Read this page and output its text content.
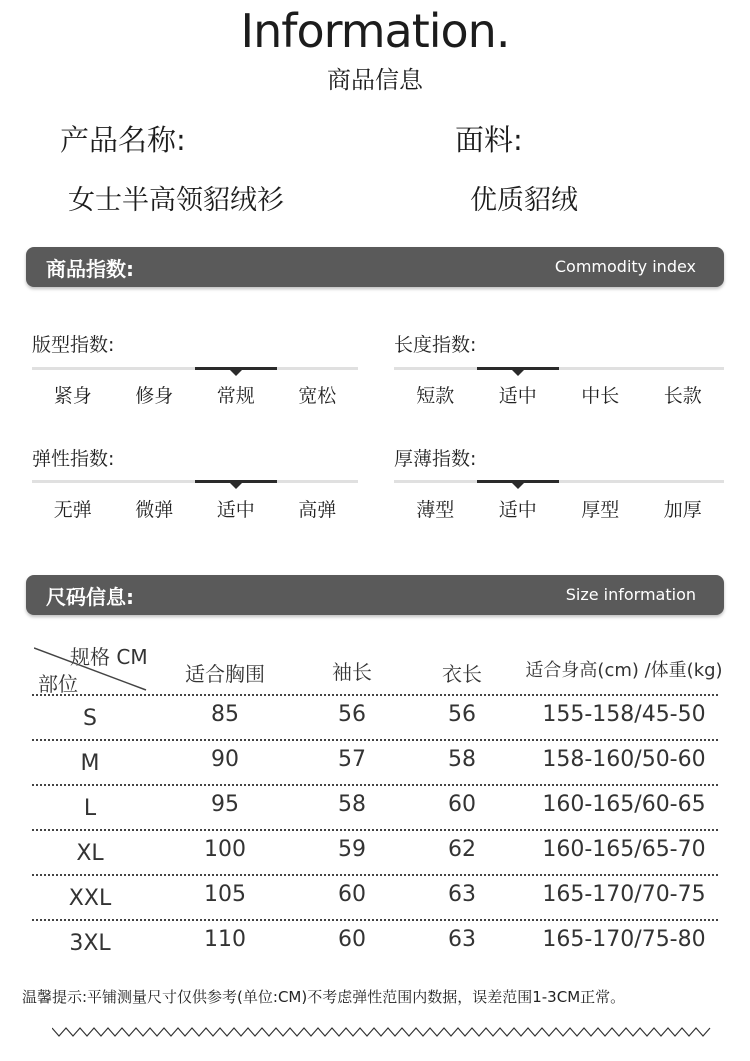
Information.
商品信息
产品名称:
女士半高领貂绒衫
面料:
优质貂绒
商品指数:	Commodity index
版型指数:
紧身	修身	常规	宽松
长度指数:
短款	适中	中长	长款
弹性指数:
无弹	微弹	适中	高弹
厚薄指数:
薄型	适中	厚型	加厚
尺码信息:	Size information
规格 CM
部位	适合胸围	袖长	衣长	适合身高(cm) /体重(kg)
S	85	56	56	155-158/45-50
M	90	57	58	158-160/50-60
L	95	58	60	160-165/60-65
XL	100	59	62	160-165/65-70
XXL	105	60	63	165-170/70-75
3XL	110	60	63	165-170/75-80
温馨提示:平铺测量尺寸仅供参考(单位:CM)不考虑弹性范围内数据，误差范围1-3CM正常。
